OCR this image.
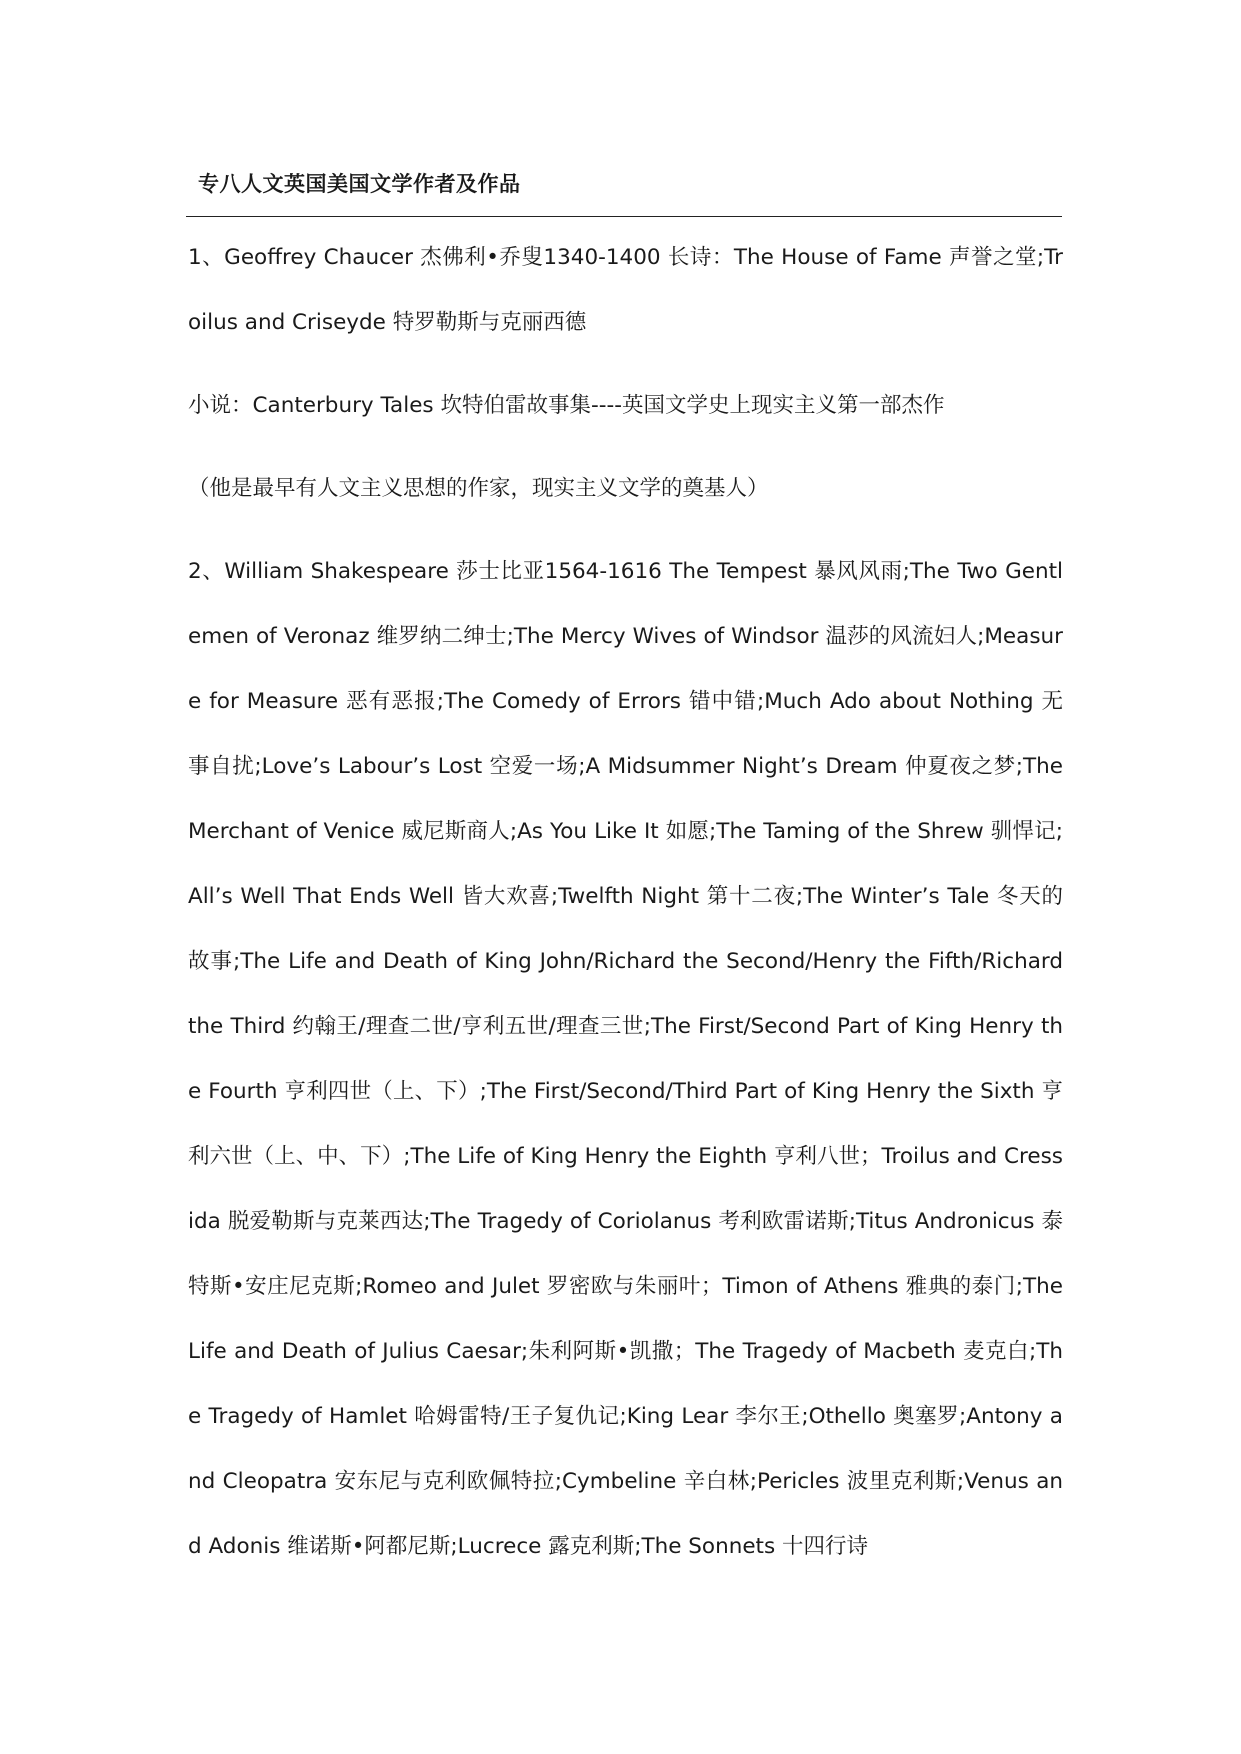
专八人文英国美国文学作者及作品

1、Geoffrey Chaucer 杰佛利•乔叟1340-1400 长诗：The House of Fame 声誉之堂;Troilus and Criseyde 特罗勒斯与克丽西德

小说：Canterbury Tales 坎特伯雷故事集----英国文学史上现实主义第一部杰作

（他是最早有人文主义思想的作家，现实主义文学的奠基人）

2、William Shakespeare 莎士比亚1564-1616 The Tempest 暴风风雨;The Two Gentlemen of Veronaz 维罗纳二绅士;The Mercy Wives of Windsor 温莎的风流妇人;Measure for Measure 恶有恶报;The Comedy of Errors 错中错;Much Ado about Nothing 无事自扰;Love’s Labour’s Lost 空爱一场;A Midsummer Night’s Dream 仲夏夜之梦;The Merchant of Venice 威尼斯商人;As You Like It 如愿;The Taming of the Shrew 驯悍记;All’s Well That Ends Well 皆大欢喜;Twelfth Night 第十二夜;The Winter’s Tale 冬天的故事;The Life and Death of King John/Richard the Second/Henry the Fifth/Richard the Third 约翰王/理查二世/亨利五世/理查三世;The First/Second Part of King Henry the Fourth 亨利四世（上、下）;The First/Second/Third Part of King Henry the Sixth 亨利六世（上、中、下）;The Life of King Henry the Eighth 亨利八世；Troilus and Cressida 脱爱勒斯与克莱西达;The Tragedy of Coriolanus 考利欧雷诺斯;Titus Andronicus 泰特斯•安庄尼克斯;Romeo and Julet 罗密欧与朱丽叶；Timon of Athens 雅典的泰门;The Life and Death of Julius Caesar;朱利阿斯•凯撒；The Tragedy of Macbeth 麦克白;The Tragedy of Hamlet 哈姆雷特/王子复仇记;King Lear 李尔王;Othello 奥塞罗;Antony and Cleopatra 安东尼与克利欧佩特拉;Cymbeline 辛白林;Pericles 波里克利斯;Venus and Adonis 维诺斯•阿都尼斯;Lucrece 露克利斯;The Sonnets 十四行诗
